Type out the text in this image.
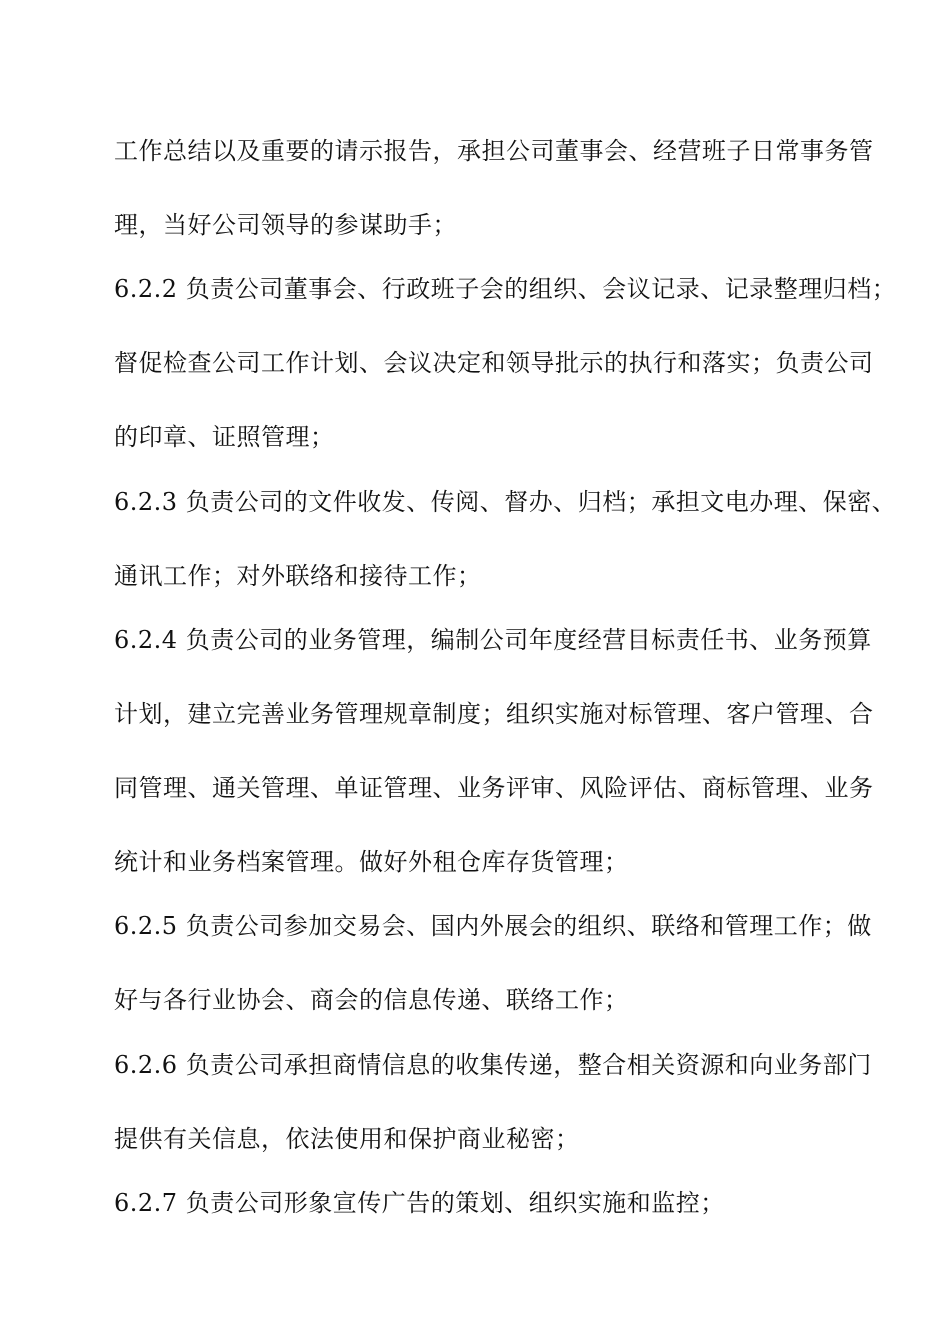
工作总结以及重要的请示报告，承担公司董事会、经营班子日常事务管
理，当好公司领导的参谋助手；
6.2.2 负责公司董事会、行政班子会的组织、会议记录、记录整理归档；
督促检查公司工作计划、会议决定和领导批示的执行和落实；负责公司
的印章、证照管理；
6.2.3 负责公司的文件收发、传阅、督办、归档；承担文电办理、保密、
通讯工作；对外联络和接待工作；
6.2.4 负责公司的业务管理，编制公司年度经营目标责任书、业务预算
计划，建立完善业务管理规章制度；组织实施对标管理、客户管理、合
同管理、通关管理、单证管理、业务评审、风险评估、商标管理、业务
统计和业务档案管理。做好外租仓库存货管理；
6.2.5 负责公司参加交易会、国内外展会的组织、联络和管理工作；做
好与各行业协会、商会的信息传递、联络工作；
6.2.6 负责公司承担商情信息的收集传递，整合相关资源和向业务部门
提供有关信息，依法使用和保护商业秘密；
6.2.7 负责公司形象宣传广告的策划、组织实施和监控；
